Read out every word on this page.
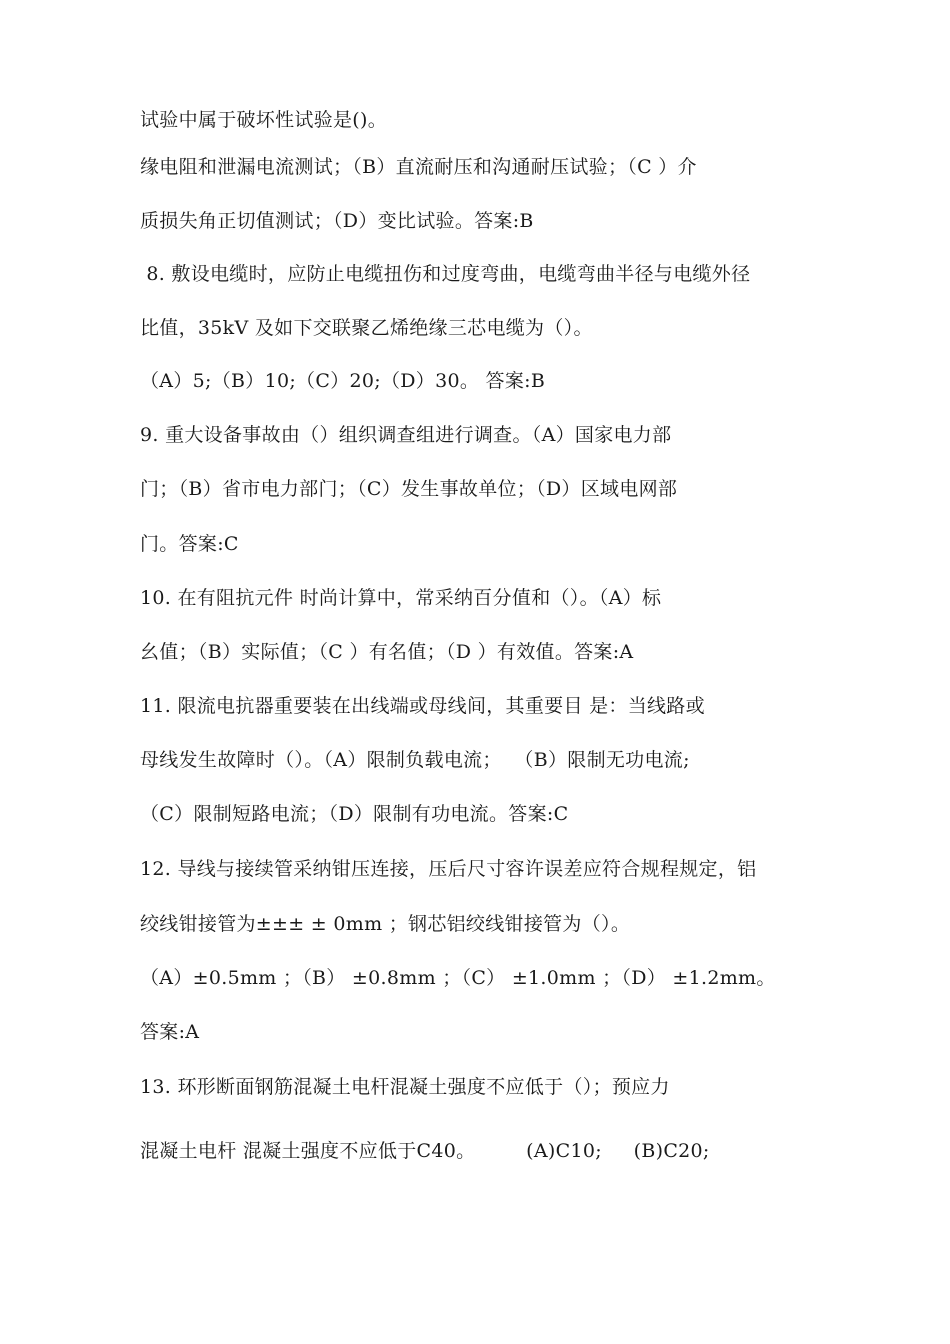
试验中属于破坏性试验是()。
缘电阻和泄漏电流测试；（B）直流耐压和沟通耐压试验；（C ）介
质损失角正切值测试；（D）变比试验。答案:B
8. 敷设电缆时，应防止电缆扭伤和过度弯曲，电缆弯曲半径与电缆外径
比值，35kV 及如下交联聚乙烯绝缘三芯电缆为（）。
（A）5;（B）10;（C）20;（D）30。 答案:B
9. 重大设备事故由（）组织调查组进行调查。（A）国家电力部
门；（B）省市电力部门；（C）发生事故单位；（D）区域电网部
门。答案:C
10. 在有阻抗元件 时尚计算中，常采纳百分值和（）。（A）标
幺值；（B）实际值；（C ）有名值；（D ）有效值。答案:A
11. 限流电抗器重要装在出线端或母线间，其重要目 是：当线路或
母线发生故障时（）。（A）限制负载电流；  （B）限制无功电流;
（C）限制短路电流；（D）限制有功电流。答案:C
12. 导线与接续管采纳钳压连接，压后尺寸容许误差应符合规程规定，铝
绞线钳接管为±±± ± 0mm ；钢芯铝绞线钳接管为（）。
（A）±0.5mm ；（B） ±0.8mm ；（C） ±1.0mm ；（D） ±1.2mm。
答案:A
13. 环形断面钢筋混凝土电杆混凝土强度不应低于（）；预应力
混凝土电杆 混凝土强度不应低于C40。        (A)C10;     (B)C20;
